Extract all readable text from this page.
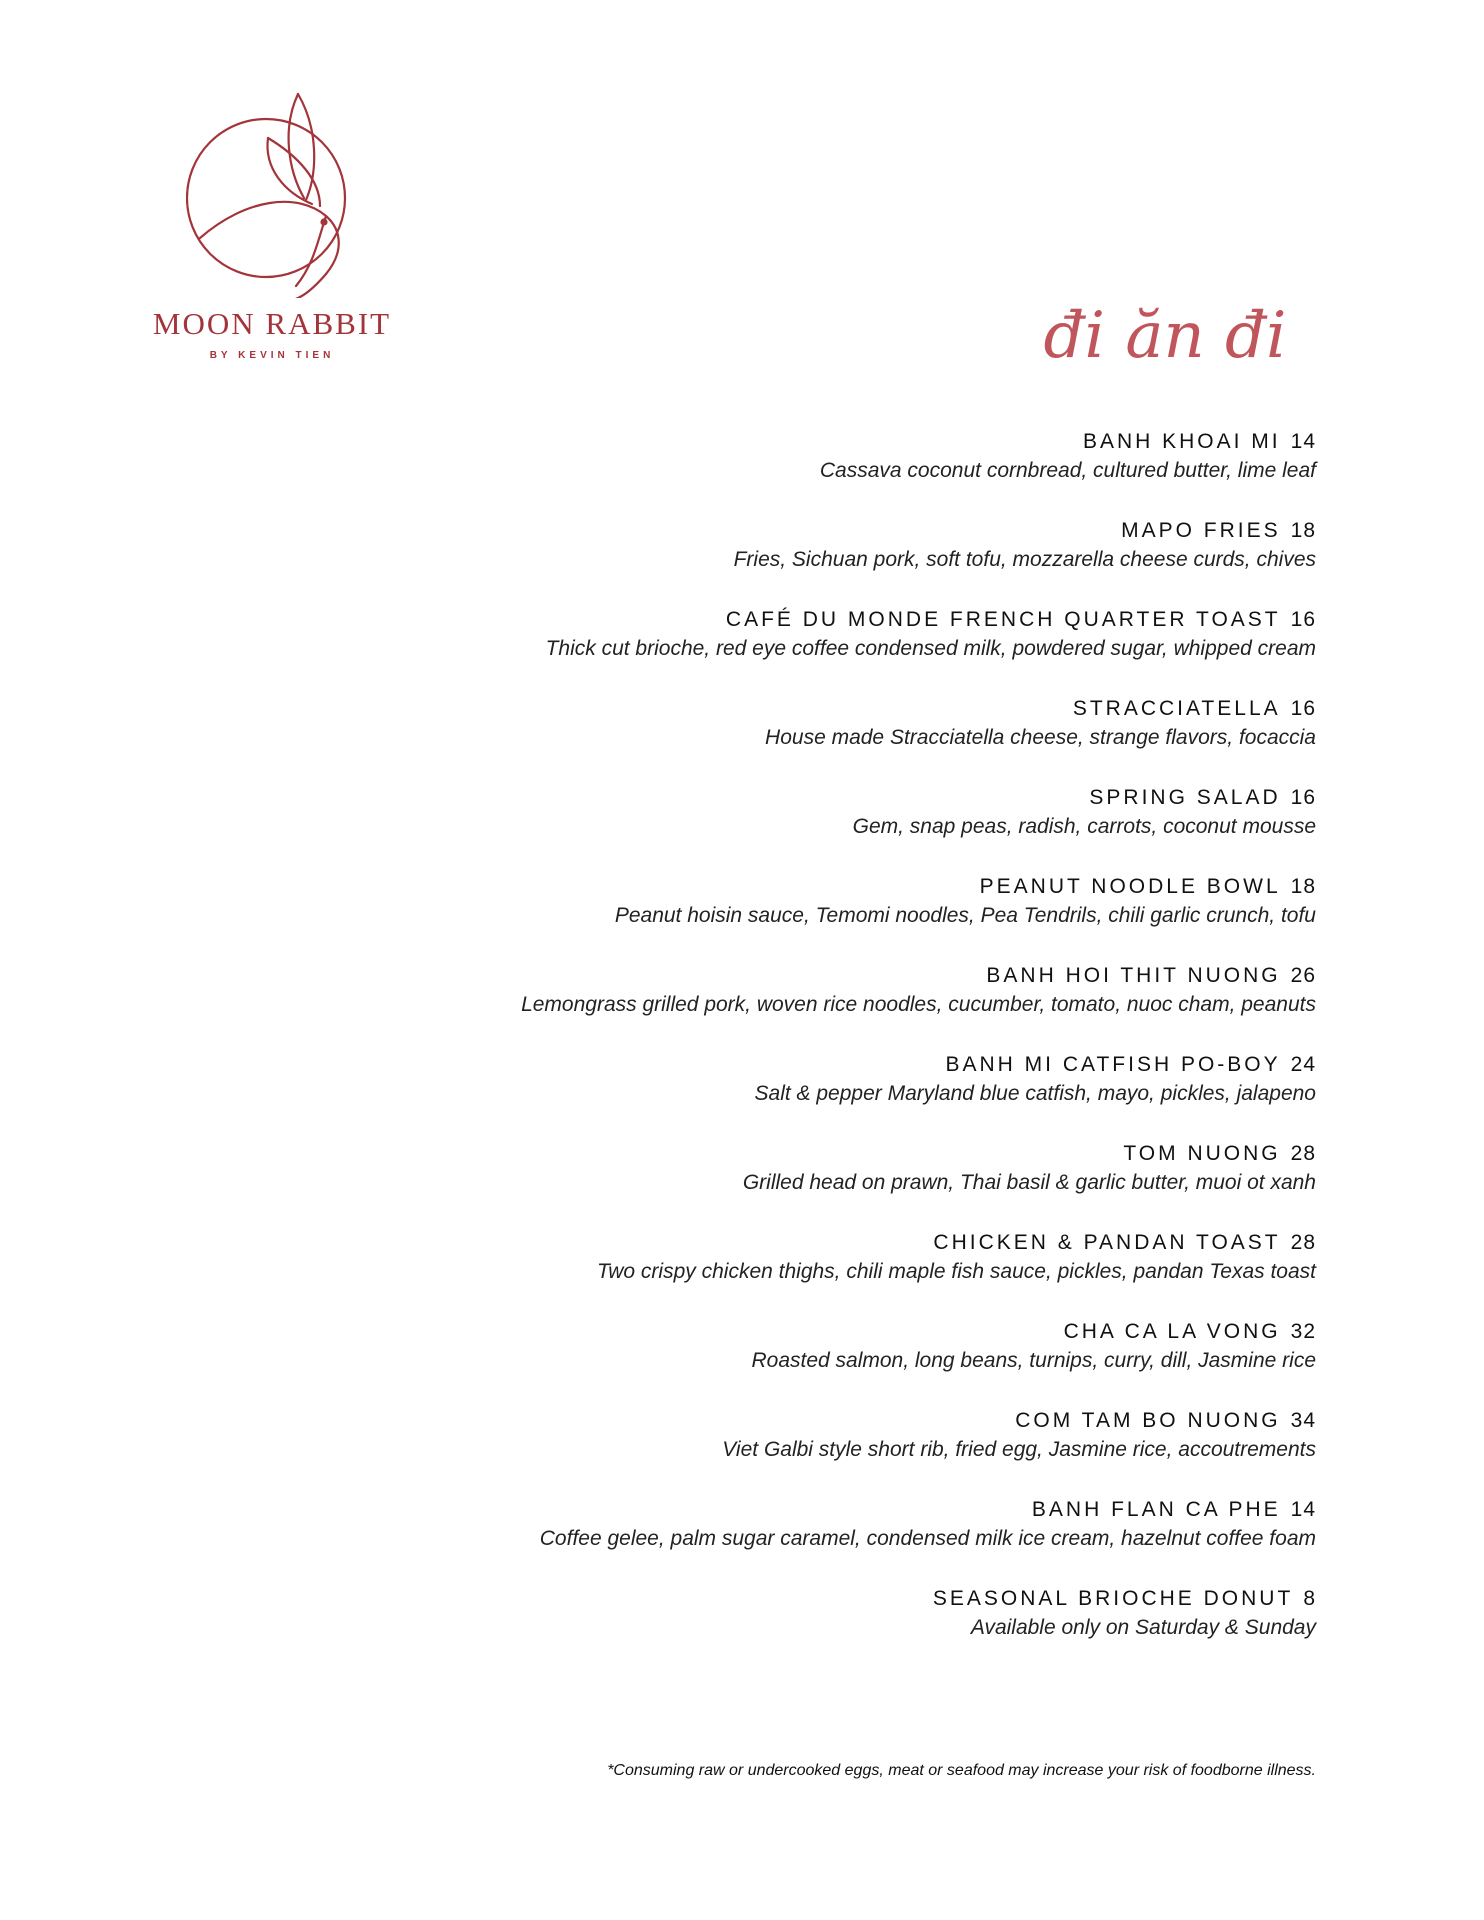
MOON RABBIT
BY KEVIN TIEN	đi ăn đi
BANH KHOAI MI 14
Cassava coconut cornbread, cultured butter, lime leaf
MAPO FRIES 18
Fries, Sichuan pork, soft tofu, mozzarella cheese curds, chives
CAFÉ DU MONDE FRENCH QUARTER TOAST 16
Thick cut brioche, red eye coffee condensed milk, powdered sugar, whipped cream
STRACCIATELLA 16
House made Stracciatella cheese, strange flavors, focaccia
SPRING SALAD 16
Gem, snap peas, radish, carrots, coconut mousse
PEANUT NOODLE BOWL 18
Peanut hoisin sauce, Temomi noodles, Pea Tendrils, chili garlic crunch, tofu
BANH HOI THIT NUONG 26
Lemongrass grilled pork, woven rice noodles, cucumber, tomato, nuoc cham, peanuts
BANH MI CATFISH PO-BOY 24
Salt & pepper Maryland blue catfish, mayo, pickles, jalapeno
TOM NUONG 28
Grilled head on prawn, Thai basil & garlic butter, muoi ot xanh
CHICKEN & PANDAN TOAST 28
Two crispy chicken thighs, chili maple fish sauce, pickles, pandan Texas toast
CHA CA LA VONG 32
Roasted salmon, long beans, turnips, curry, dill, Jasmine rice
COM TAM BO NUONG 34
Viet Galbi style short rib, fried egg, Jasmine rice, accoutrements
BANH FLAN CA PHE 14
Coffee gelee, palm sugar caramel, condensed milk ice cream, hazelnut coffee foam
SEASONAL BRIOCHE DONUT 8
Available only on Saturday & Sunday
*Consuming raw or undercooked eggs, meat or seafood may increase your risk of foodborne illness.
